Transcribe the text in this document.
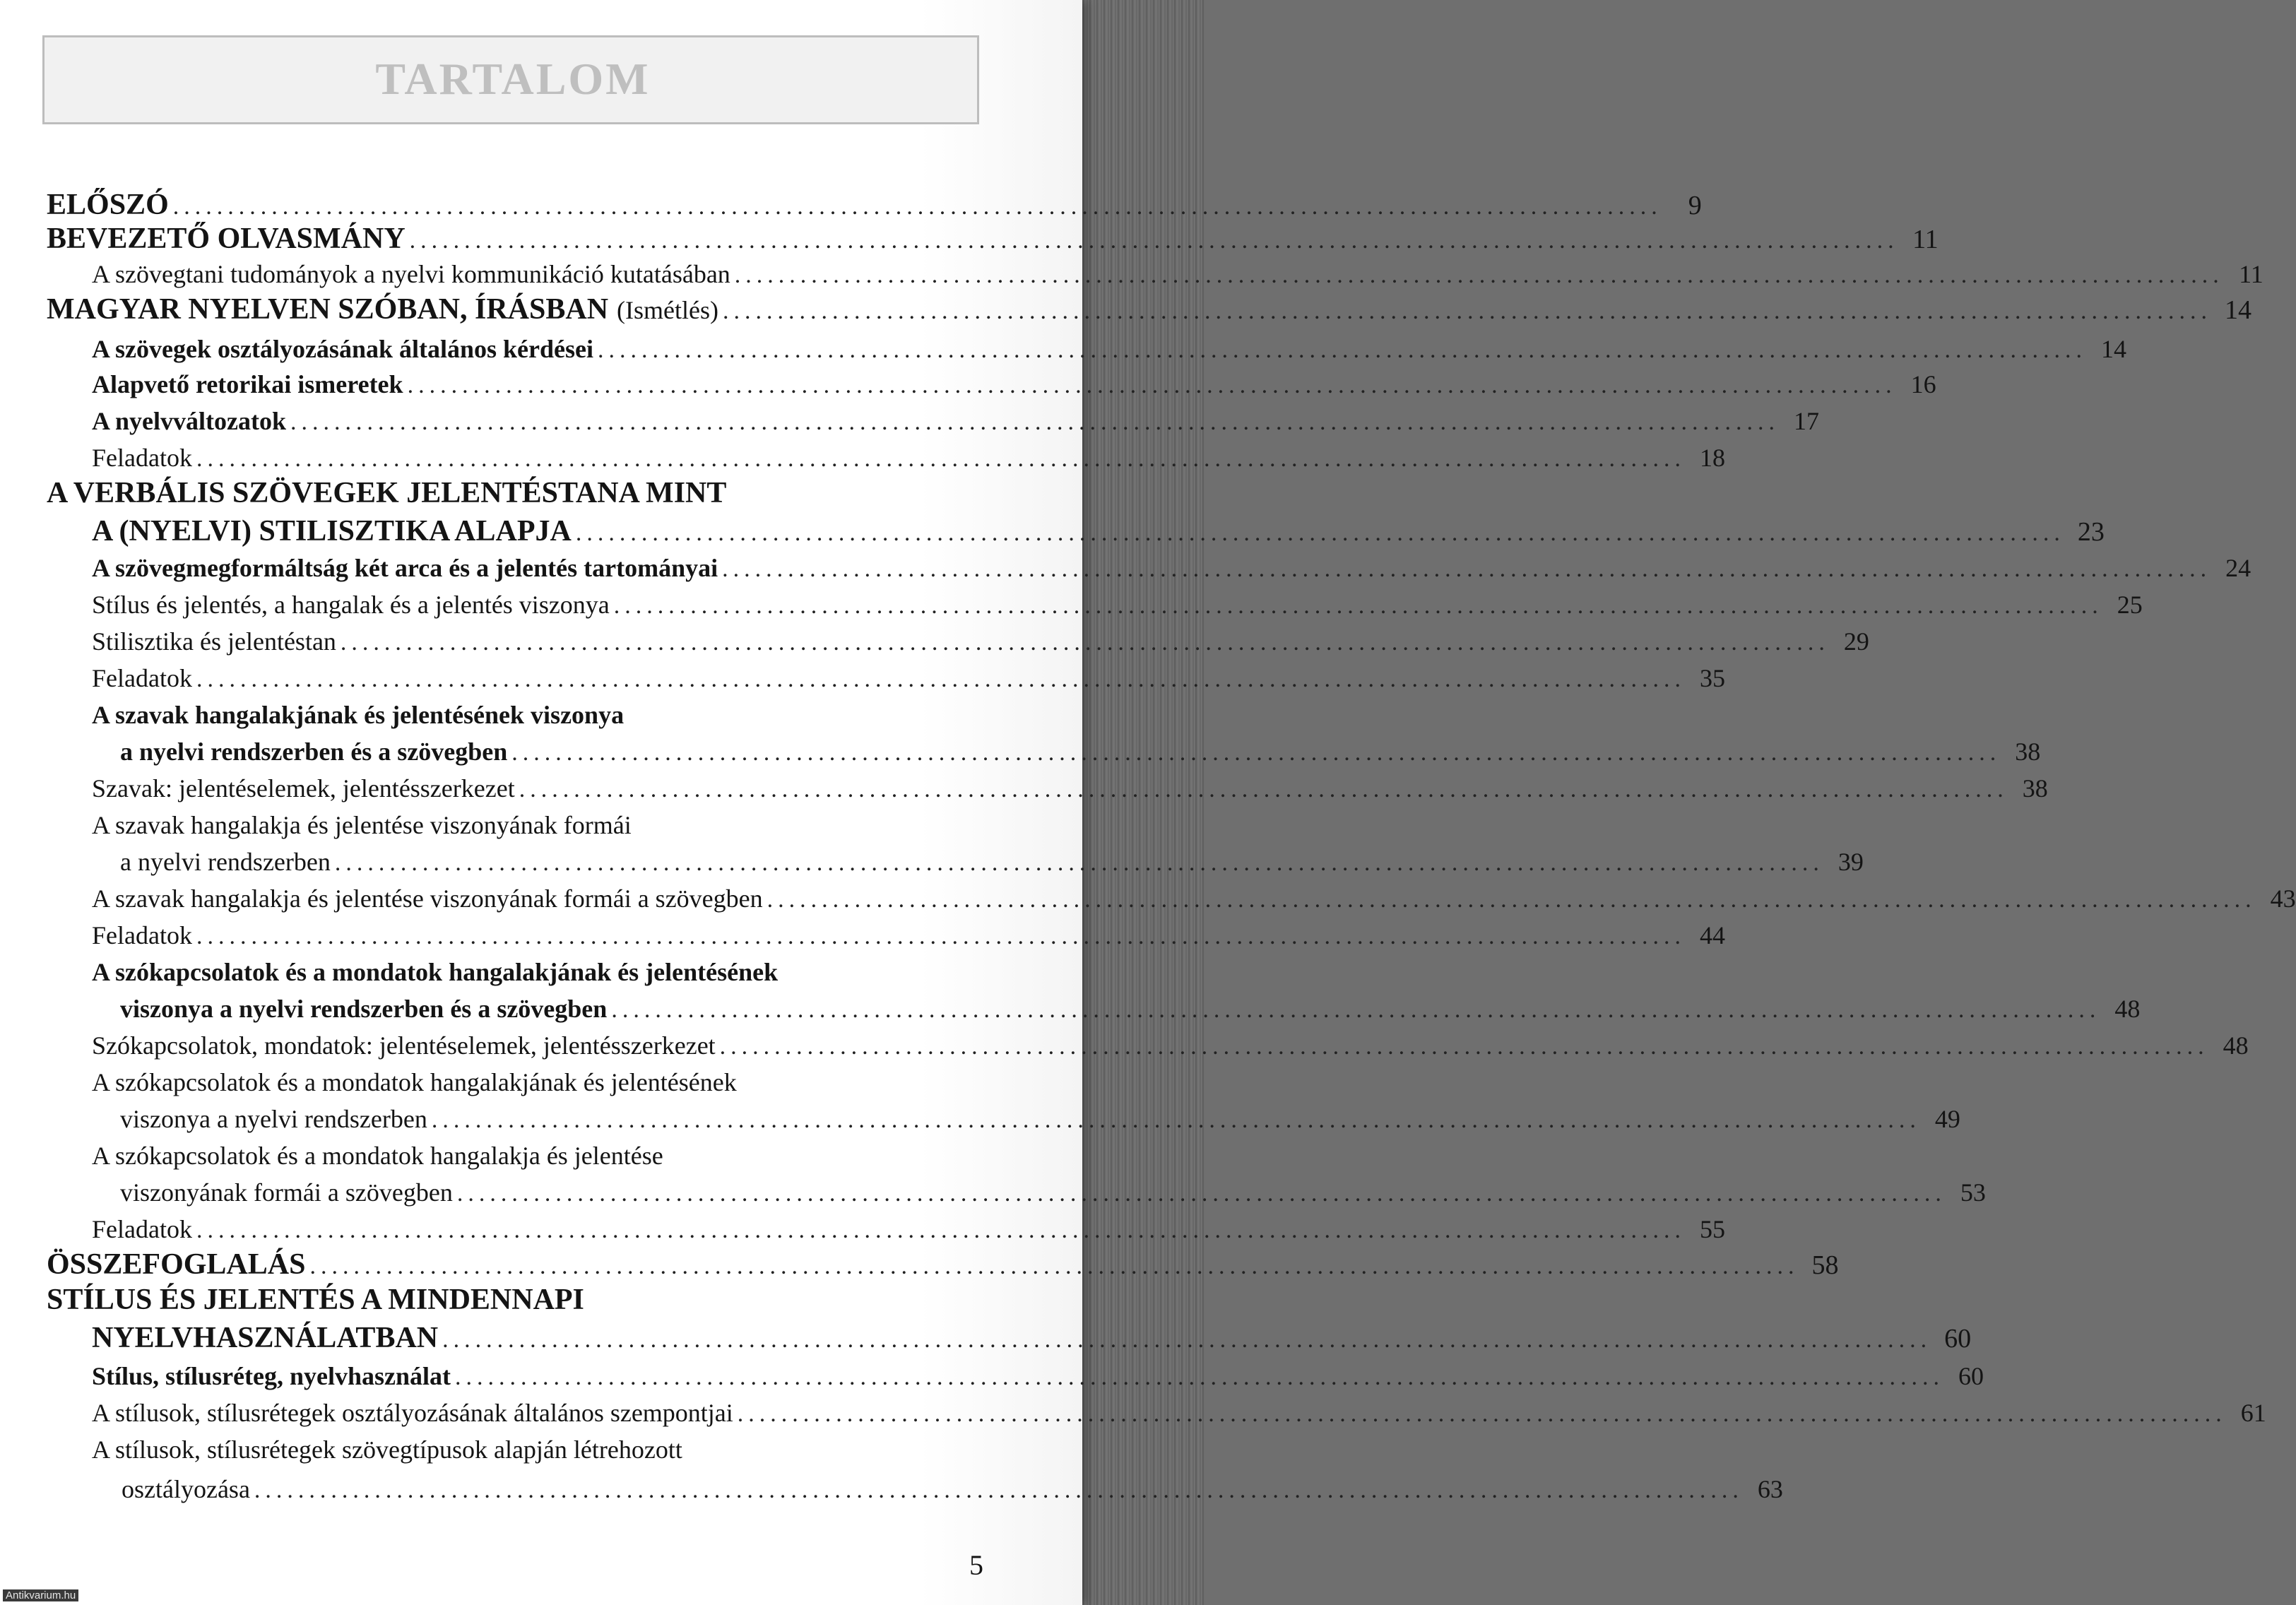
TARTALOM
ELŐSZÓ ........................................................................................................................................ 9
BEVEZETŐ OLVASMÁNY ........................................................................................................................................ 11
A szövegtani tudományok a nyelvi kommunikáció kutatásában ........................................................................................................................................ 11
MAGYAR NYELVEN SZÓBAN, ÍRÁSBAN (Ismétlés) ........................................................................................................................................ 14
A szövegek osztályozásának általános kérdései ........................................................................................................................................ 14
Alapvető retorikai ismeretek ........................................................................................................................................ 16
A nyelvváltozatok ........................................................................................................................................ 17
Feladatok ........................................................................................................................................ 18
A VERBÁLIS SZÖVEGEK JELENTÉSTANA MINT
A (NYELVI) STILISZTIKA ALAPJA ........................................................................................................................................ 23
A szövegmegformáltság két arca és a jelentés tartományai ........................................................................................................................................ 24
Stílus és jelentés, a hangalak és a jelentés viszonya ........................................................................................................................................ 25
Stilisztika és jelentéstan ........................................................................................................................................ 29
Feladatok ........................................................................................................................................ 35
A szavak hangalakjának és jelentésének viszonya
a nyelvi rendszerben és a szövegben ........................................................................................................................................ 38
Szavak: jelentéselemek, jelentésszerkezet ........................................................................................................................................ 38
A szavak hangalakja és jelentése viszonyának formái
a nyelvi rendszerben ........................................................................................................................................ 39
A szavak hangalakja és jelentése viszonyának formái a szövegben ........................................................................................................................................ 43
Feladatok ........................................................................................................................................ 44
A szókapcsolatok és a mondatok hangalakjának és jelentésének
viszonya a nyelvi rendszerben és a szövegben ........................................................................................................................................ 48
Szókapcsolatok, mondatok: jelentéselemek, jelentésszerkezet ........................................................................................................................................ 48
A szókapcsolatok és a mondatok hangalakjának és jelentésének
viszonya a nyelvi rendszerben ........................................................................................................................................ 49
A szókapcsolatok és a mondatok hangalakja és jelentése
viszonyának formái a szövegben ........................................................................................................................................ 53
Feladatok ........................................................................................................................................ 55
ÖSSZEFOGLALÁS ........................................................................................................................................ 58
STÍLUS ÉS JELENTÉS A MINDENNAPI
NYELVHASZNÁLATBAN ........................................................................................................................................ 60
Stílus, stílusréteg, nyelvhasználat ........................................................................................................................................ 60
A stílusok, stílusrétegek osztályozásának általános szempontjai ........................................................................................................................................ 61
A stílusok, stílusrétegek szövegtípusok alapján létrehozott
osztályozása ........................................................................................................................................ 63
5
Antikvarium.hu
